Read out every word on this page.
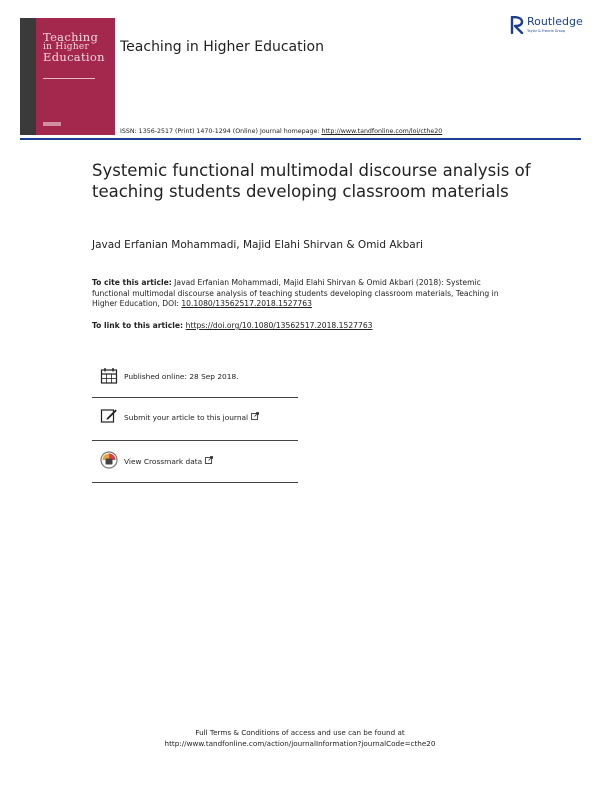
Teaching
in Higher
Education
Teaching in Higher Education
Routledge
Taylor & Francis Group
ISSN: 1356-2517 (Print) 1470-1294 (Online) Journal homepage: http://www.tandfonline.com/loi/cthe20
Systemic functional multimodal discourse analysis of teaching students developing classroom materials
Javad Erfanian Mohammadi, Majid Elahi Shirvan & Omid Akbari
To cite this article: Javad Erfanian Mohammadi, Majid Elahi Shirvan & Omid Akbari (2018): Systemic functional multimodal discourse analysis of teaching students developing classroom materials, Teaching in Higher Education, DOI: 10.1080/13562517.2018.1527763
To link to this article: https://doi.org/10.1080/13562517.2018.1527763
Published online: 28 Sep 2018.
Submit your article to this journal
View Crossmark data
Full Terms & Conditions of access and use can be found at
http://www.tandfonline.com/action/journalInformation?journalCode=cthe20
